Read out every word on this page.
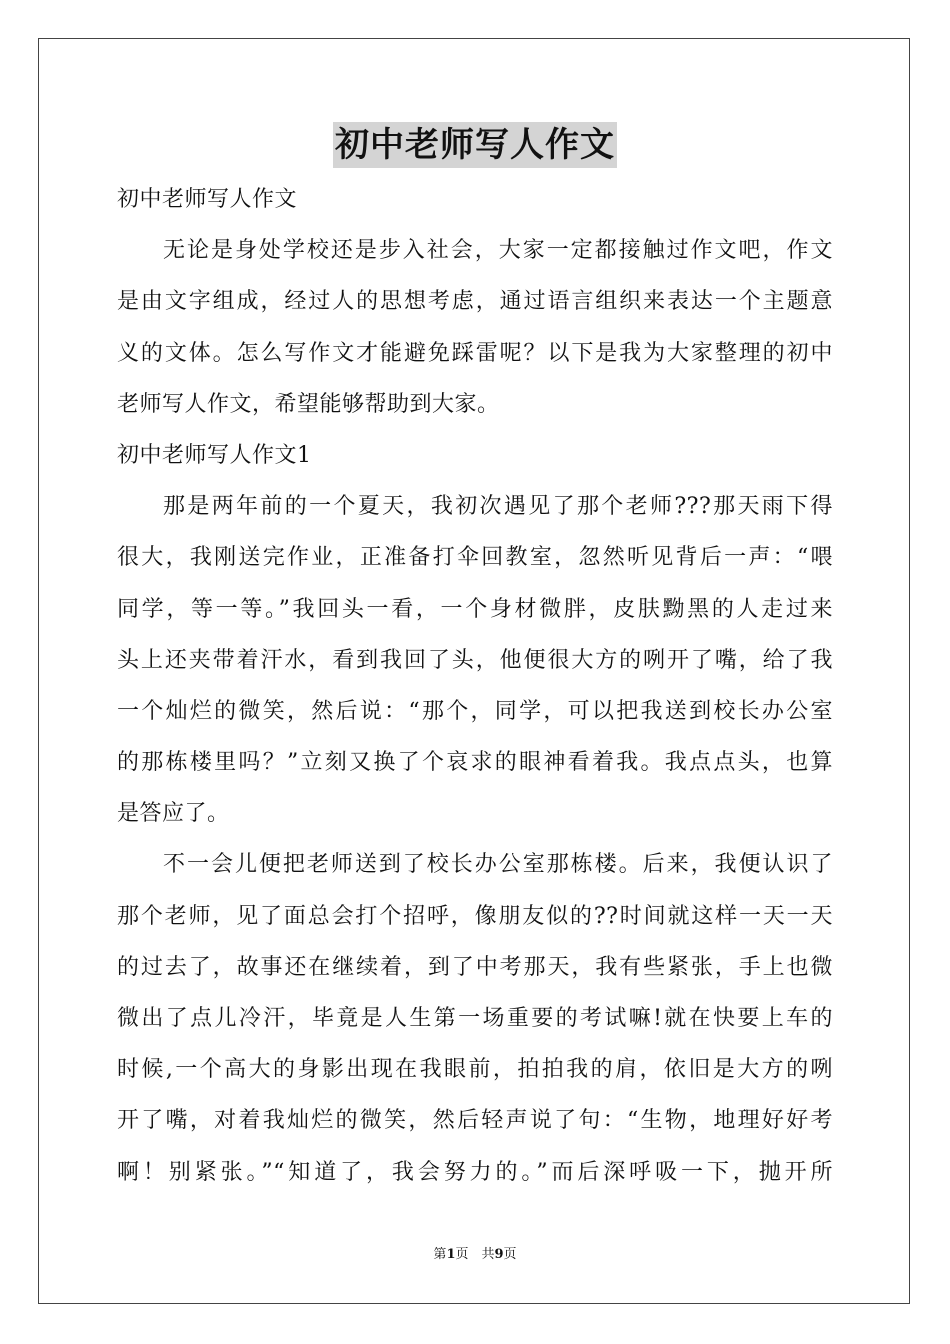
初中老师写人作文
初中老师写人作文
无论是身处学校还是步入社会，大家一定都接触过作文吧，作文
是由文字组成，经过人的思想考虑，通过语言组织来表达一个主题意
义的文体。怎么写作文才能避免踩雷呢？以下是我为大家整理的初中
老师写人作文，希望能够帮助到大家。
初中老师写人作文1
那是两年前的一个夏天，我初次遇见了那个老师???那天雨下得
很大，我刚送完作业，正准备打伞回教室，忽然听见背后一声：“喂
同学，等一等。”我回头一看，一个身材微胖，皮肤黝黑的人走过来
头上还夹带着汗水，看到我回了头，他便很大方的咧开了嘴，给了我
一个灿烂的微笑，然后说：“那个，同学，可以把我送到校长办公室
的那栋楼里吗？”立刻又换了个哀求的眼神看着我。我点点头，也算
是答应了。
不一会儿便把老师送到了校长办公室那栋楼。后来，我便认识了
那个老师，见了面总会打个招呼，像朋友似的??时间就这样一天一天
的过去了，故事还在继续着，到了中考那天，我有些紧张，手上也微
微出了点儿冷汗，毕竟是人生第一场重要的考试嘛!就在快要上车的
时候,一个高大的身影出现在我眼前，拍拍我的肩，依旧是大方的咧
开了嘴，对着我灿烂的微笑，然后轻声说了句：“生物，地理好好考
啊！别紧张。”“知道了，我会努力的。”而后深呼吸一下，抛开所
第1页　共9页
